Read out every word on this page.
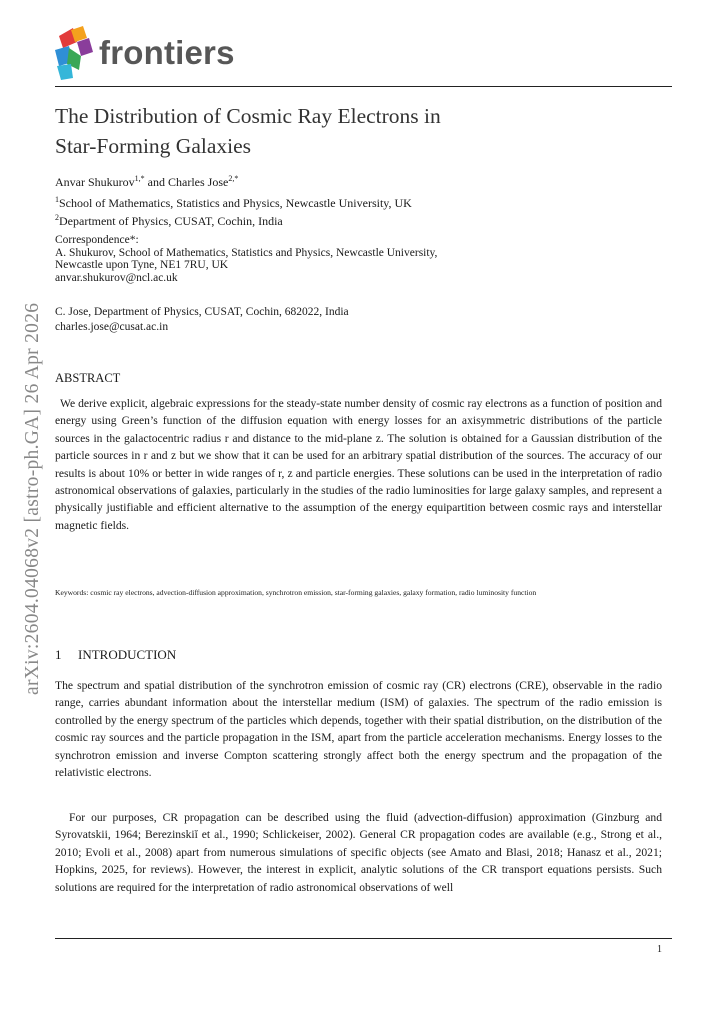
frontiers
arXiv:2604.04068v2 [astro-ph.GA] 26 Apr 2026
The Distribution of Cosmic Ray Electrons in
Star-Forming Galaxies
Anvar Shukurov$^{1,*}$ and Charles Jose$^{2,*}$
$^1$School of Mathematics, Statistics and Physics, Newcastle University, UK
$^2$Department of Physics, CUSAT, Cochin, India
Correspondence*:
A. Shukurov, School of Mathematics, Statistics and Physics, Newcastle University,
Newcastle upon Tyne, NE1 7RU, UK
anvar.shukurov@ncl.ac.uk
C. Jose, Department of Physics, CUSAT, Cochin, 682022, India
charles.jose@cusat.ac.in
ABSTRACT
We derive explicit, algebraic expressions for the steady-state number density of cosmic ray electrons as a function of position and energy using Green’s function of the diffusion equation with energy losses for an axisymmetric distributions of the particle sources in the galactocentric radius r and distance to the mid-plane z. The solution is obtained for a Gaussian distribution of the particle sources in r and z but we show that it can be used for an arbitrary spatial distribution of the sources. The accuracy of our results is about 10% or better in wide ranges of r, z and particle energies. These solutions can be used in the interpretation of radio astronomical observations of galaxies, particularly in the studies of the radio luminosities for large galaxy samples, and represent a physically justifiable and efficient alternative to the assumption of the energy equipartition between cosmic rays and interstellar magnetic fields.
Keywords: cosmic ray electrons, advection-diffusion approximation, synchrotron emission, star-forming galaxies, galaxy formation, radio luminosity function
1 INTRODUCTION
The spectrum and spatial distribution of the synchrotron emission of cosmic ray (CR) electrons (CRE), observable in the radio range, carries abundant information about the interstellar medium (ISM) of galaxies. The spectrum of the radio emission is controlled by the energy spectrum of the particles which depends, together with their spatial distribution, on the distribution of the cosmic ray sources and the particle propagation in the ISM, apart from the particle acceleration mechanisms. Energy losses to the synchrotron emission and inverse Compton scattering strongly affect both the energy spectrum and the propagation of the relativistic electrons.
For our purposes, CR propagation can be described using the fluid (advection-diffusion) approximation (Ginzburg and Syrovatskii, 1964; Berezinskiĭ et al., 1990; Schlickeiser, 2002). General CR propagation codes are available (e.g., Strong et al., 2010; Evoli et al., 2008) apart from numerous simulations of specific objects (see Amato and Blasi, 2018; Hanasz et al., 2021; Hopkins, 2025, for reviews). However, the interest in explicit, analytic solutions of the CR transport equations persists. Such solutions are required for the interpretation of radio astronomical observations of well
1
